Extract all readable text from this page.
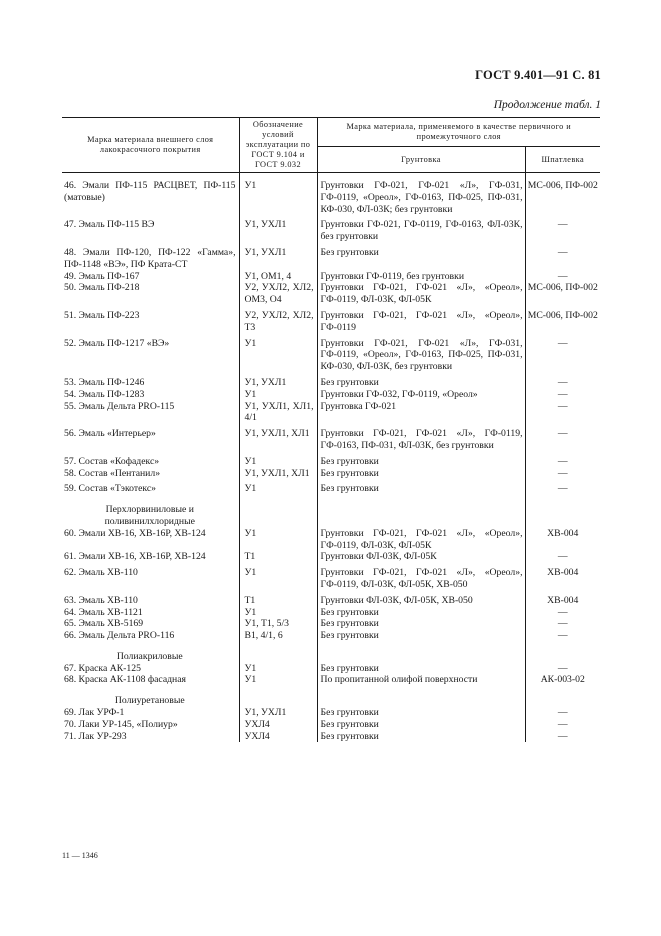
ГОСТ 9.401—91 С. 81
Продолжение табл. 1
Марка материала внешнего слоя лакокрасочного покрытия	Обозначение условий эксплуатации по ГОСТ 9.104 и ГОСТ 9.032	Марка материала, применяемого в качестве первичного и промежуточного слоя	
		Грунтовка	Шпатлевка
46. Эмали ПФ-115 РАСЦВЕТ, ПФ-115 (матовые)	У1	Грунтовки ГФ-021, ГФ-021 «Л», ГФ-031, ГФ-0119, «Ореол», ГФ-0163, ПФ-025, ПФ-031, КФ-030, ФЛ-03К; без грунтовки	МС-006, ПФ-002
47. Эмаль ПФ-115 ВЭ	У1, УХЛ1	Грунтовки ГФ-021, ГФ-0119, ГФ-0163, ФЛ-03К, без грунтовки	—
48. Эмали ПФ-120, ПФ-122 «Гамма», ПФ-1148 «ВЭ», ПФ Крата-СТ	У1, УХЛ1	Без грунтовки	—
49. Эмаль ПФ-167	У1, ОМ1, 4	Грунтовки ГФ-0119, без грунтовки	—
50. Эмаль ПФ-218	У2, УХЛ2, ХЛ2, ОМ3, О4	Грунтовки ГФ-021, ГФ-021 «Л», «Ореол», ГФ-0119, ФЛ-03К, ФЛ-05К	МС-006, ПФ-002
51. Эмаль ПФ-223	У2, УХЛ2, ХЛ2, Т3	Грунтовки ГФ-021, ГФ-021 «Л», «Ореол», ГФ-0119	МС-006, ПФ-002
52. Эмаль ПФ-1217 «ВЭ»	У1	Грунтовки ГФ-021, ГФ-021 «Л», ГФ-031, ГФ-0119, «Ореол», ГФ-0163, ПФ-025, ПФ-031, КФ-030, ФЛ-03К, без грунтовки	—
53. Эмаль ПФ-1246	У1, УХЛ1	Без грунтовки	—
54. Эмаль ПФ-1283	У1	Грунтовки ГФ-032, ГФ-0119, «Ореол»	—
55. Эмаль Дельта PRO-115	У1, УХЛ1, ХЛ1, 4/1	Грунтовка ГФ-021	—
56. Эмаль «Интерьер»	У1, УХЛ1, ХЛ1	Грунтовки ГФ-021, ГФ-021 «Л», ГФ-0119, ГФ-0163, ПФ-031, ФЛ-03К, без грунтовки	—
57. Состав «Кофадекс»	У1	Без грунтовки	—
58. Состав «Пентанил»	У1, УХЛ1, ХЛ1	Без грунтовки	—
59. Состав «Тэкотекс»	У1	Без грунтовки	—
Перхлорвиниловые и поливинилхлоридные			
60. Эмали ХВ-16, ХВ-16Р, ХВ-124	У1	Грунтовки ГФ-021, ГФ-021 «Л», «Ореол», ГФ-0119, ФЛ-03К, ФЛ-05К	ХВ-004
61. Эмали ХВ-16, ХВ-16Р, ХВ-124	Т1	Грунтовки ФЛ-03К, ФЛ-05К	—
62. Эмаль ХВ-110	У1	Грунтовки ГФ-021, ГФ-021 «Л», «Ореол», ГФ-0119, ФЛ-03К, ФЛ-05К, ХВ-050	ХВ-004
63. Эмаль ХВ-110	Т1	Грунтовки ФЛ-03К, ФЛ-05К, ХВ-050	ХВ-004
64. Эмаль ХВ-1121	У1	Без грунтовки	—
65. Эмаль ХВ-5169	У1, Т1, 5/3	Без грунтовки	—
66. Эмаль Дельта PRO-116	В1, 4/1, 6	Без грунтовки	—
Полиакриловые			
67. Краска АК-125	У1	Без грунтовки	—
68. Краска АК-1108 фасадная	У1	По пропитанной олифой поверхности	АК-003-02
Полиуретановые			
69. Лак УРФ-1	У1, УХЛ1	Без грунтовки	—
70. Лаки УР-145, «Полиур»	УХЛ4	Без грунтовки	—
71. Лак УР-293	УХЛ4	Без грунтовки	—
11 — 1346
